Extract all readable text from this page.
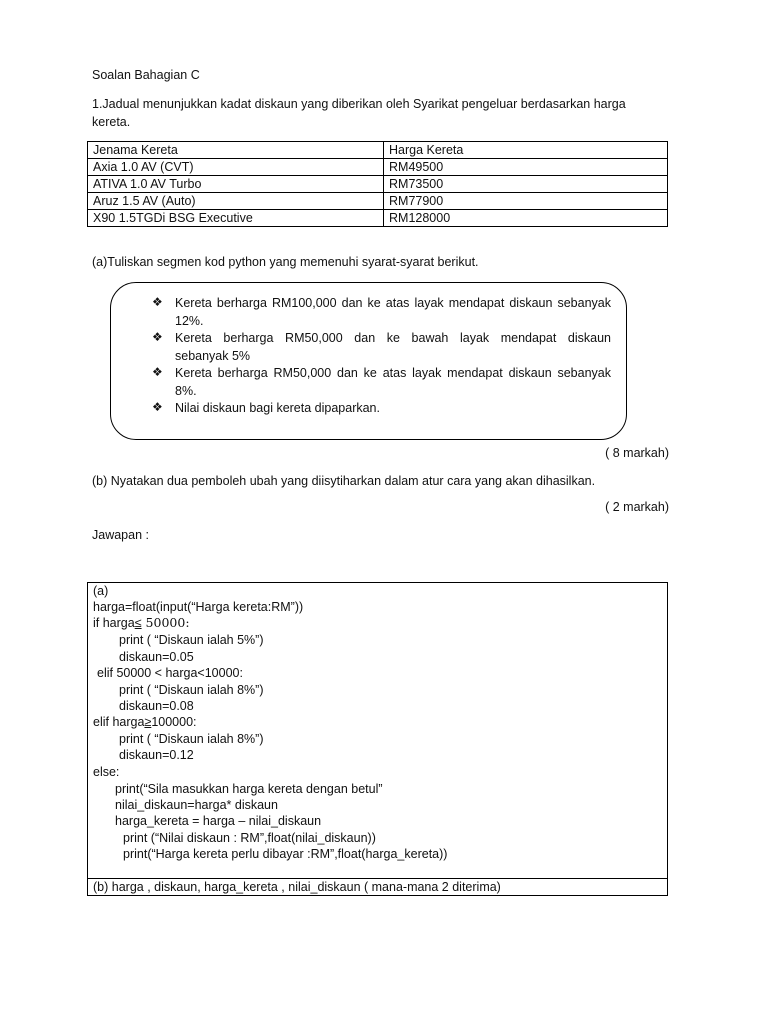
Soalan Bahagian C
1.Jadual menunjukkan kadat diskaun yang diberikan oleh Syarikat pengeluar berdasarkan harga
kereta.
Jenama Kereta	Harga Kereta
Axia 1.0 AV (CVT)	RM49500
ATIVA 1.0 AV Turbo	RM73500
Aruz 1.5 AV (Auto)	RM77900
X90 1.5TGDi BSG Executive	RM128000
(a)Tuliskan segmen kod python yang memenuhi syarat-syarat berikut.
❖ Kereta berharga RM100,000 dan ke atas layak mendapat diskaun sebanyak
12%.
❖ Kereta berharga RM50,000 dan ke bawah layak mendapat diskaun
sebanyak 5%
❖ Kereta berharga RM50,000 dan ke atas layak mendapat diskaun sebanyak
8%.
❖ Nilai diskaun bagi kereta dipaparkan.
( 8 markah)
(b) Nyatakan dua pemboleh ubah yang diisytiharkan dalam atur cara yang akan dihasilkan.
( 2 markah)
Jawapan :
(a)
harga=float(input(“Harga kereta:RM”))
if harga≤ 50000:
print ( “Diskaun ialah 5%”)
diskaun=0.05
elif 50000 < harga<10000:
print ( “Diskaun ialah 8%”)
diskaun=0.08
elif harga≥100000:
print ( “Diskaun ialah 8%”)
diskaun=0.12
else:
print(“Sila masukkan harga kereta dengan betul”
nilai_diskaun=harga* diskaun
harga_kereta = harga – nilai_diskaun
print (“Nilai diskaun : RM”,float(nilai_diskaun))
print(“Harga kereta perlu dibayar :RM”,float(harga_kereta))
(b) harga , diskaun, harga_kereta , nilai_diskaun ( mana-mana 2 diterima)
